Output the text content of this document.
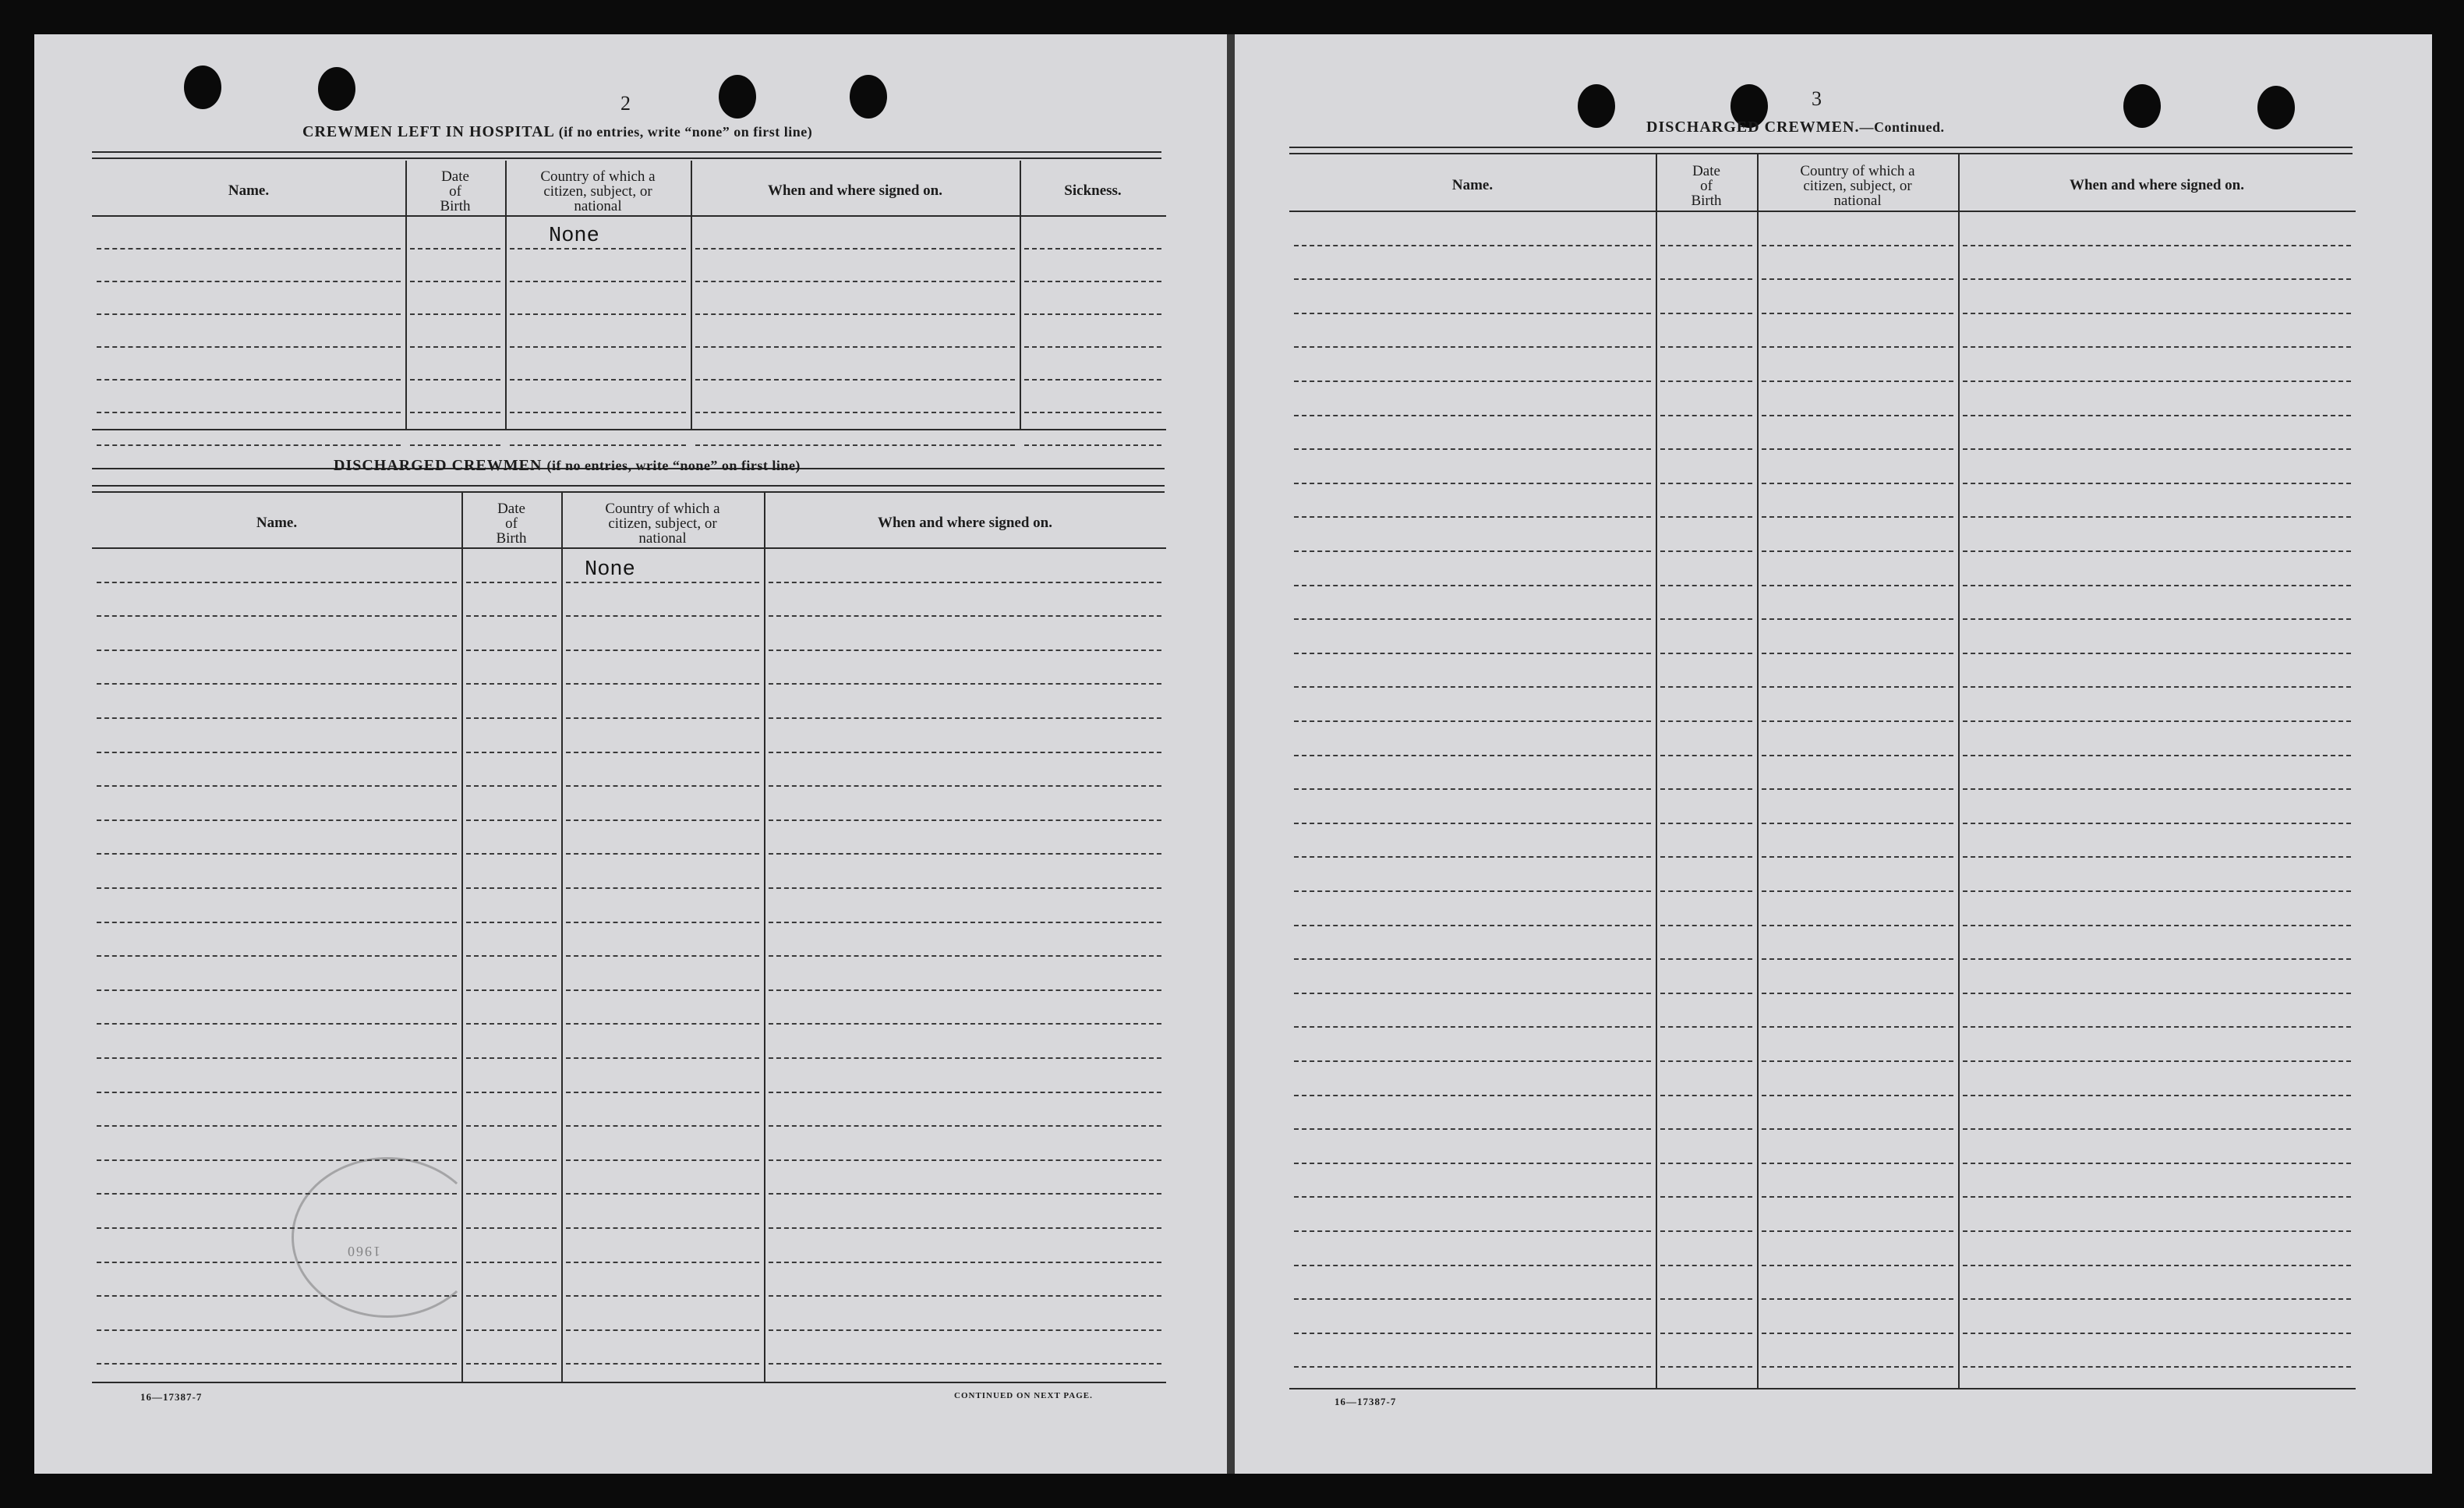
2
CREWMEN LEFT IN HOSPITAL (if no entries, write “none” on first line)
Name.
Date
of
Birth
Country of which a
citizen, subject, or
national
When and where signed on.	Sickness.
None
DISCHARGED CREWMEN (if no entries, write “none” on first line)
Name.
Date
of
Birth
Country of which a
citizen, subject, or
national
When and where signed on.
None
16—17387-7	CONTINUED ON NEXT PAGE.
1960
3
DISCHARGED CREWMEN.—Continued.
Name.
Date
of
Birth
Country of which a
citizen, subject, or
national
When and where signed on.
16—17387-7
